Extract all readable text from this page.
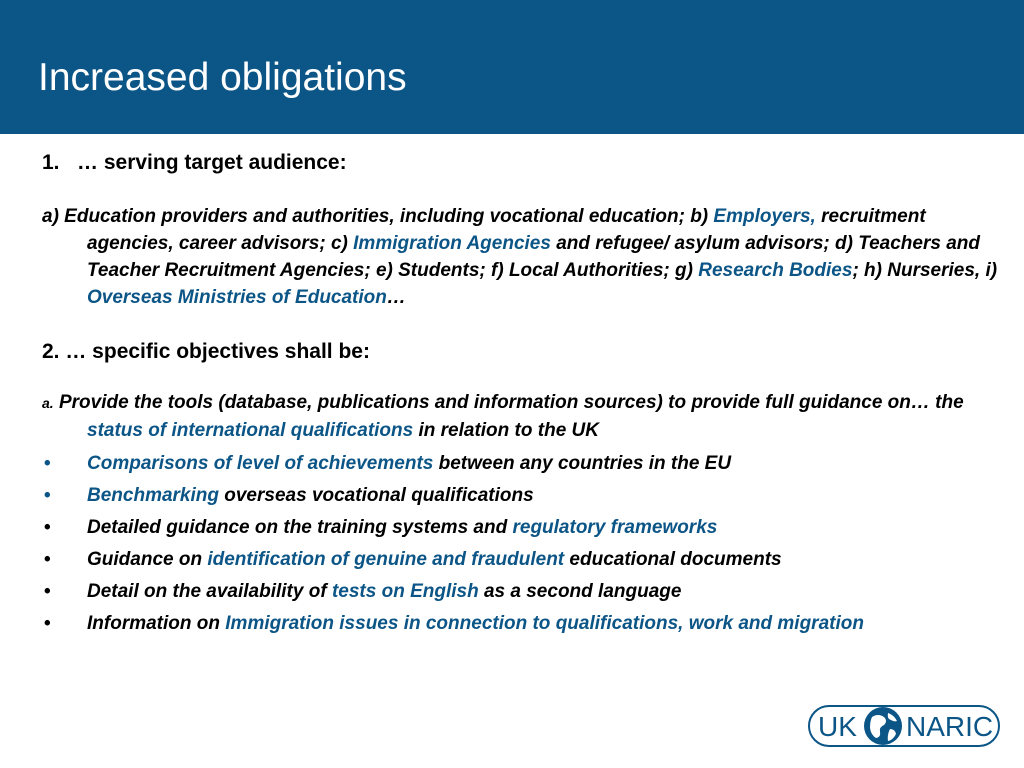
Increased obligations

1.   … serving target audience:

a) Education providers and authorities, including vocational education; b) Employers, recruitment agencies, career advisors; c) Immigration Agencies and refugee/ asylum advisors; d) Teachers and Teacher Recruitment Agencies; e) Students; f) Local Authorities; g) Research Bodies; h) Nurseries, i) Overseas Ministries of Education…

2. … specific objectives shall be:

a. Provide the tools (database, publications and information sources) to provide full guidance on… the status of international qualifications in relation to the UK

• Comparisons of level of achievements between any countries in the EU
• Benchmarking overseas vocational qualifications
• Detailed guidance on the training systems and regulatory frameworks
• Guidance on identification of genuine and fraudulent educational documents
• Detail on the availability of tests on English as a second language
• Information on Immigration issues in connection to qualifications, work and migration
UK NARIC
